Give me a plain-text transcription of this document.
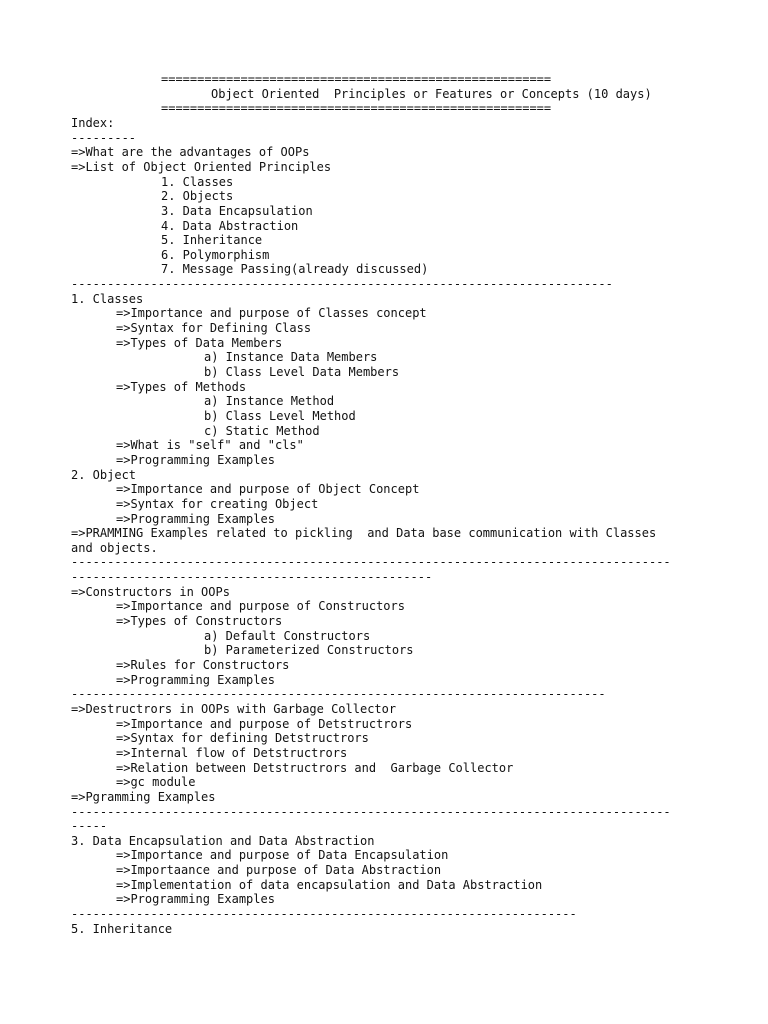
======================================================
Object Oriented  Principles or Features or Concepts (10 days)
======================================================
Index:
---------
=>What are the advantages of OOPs
=>List of Object Oriented Principles
1. Classes
2. Objects
3. Data Encapsulation
4. Data Abstraction
5. Inheritance
6. Polymorphism
7. Message Passing(already discussed)
---------------------------------------------------------------------------
1. Classes
=>Importance and purpose of Classes concept
=>Syntax for Defining Class
=>Types of Data Members
a) Instance Data Members
b) Class Level Data Members
=>Types of Methods
a) Instance Method
b) Class Level Method
c) Static Method
=>What is "self" and "cls"
=>Programming Examples
2. Object
=>Importance and purpose of Object Concept
=>Syntax for creating Object
=>Programming Examples
=>PRAMMING Examples related to pickling  and Data base communication with Classes
and objects.
-----------------------------------------------------------------------------------
--------------------------------------------------
=>Constructors in OOPs
=>Importance and purpose of Constructors
=>Types of Constructors
a) Default Constructors
b) Parameterized Constructors
=>Rules for Constructors
=>Programming Examples
--------------------------------------------------------------------------
=>Destructrors in OOPs with Garbage Collector
=>Importance and purpose of Detstructrors
=>Syntax for defining Detstructrors
=>Internal flow of Detstructrors
=>Relation between Detstructrors and  Garbage Collector
=>gc module
=>Pgramming Examples
-----------------------------------------------------------------------------------
-----
3. Data Encapsulation and Data Abstraction
=>Importance and purpose of Data Encapsulation
=>Importaance and purpose of Data Abstraction
=>Implementation of data encapsulation and Data Abstraction
=>Programming Examples
----------------------------------------------------------------------
5. Inheritance
